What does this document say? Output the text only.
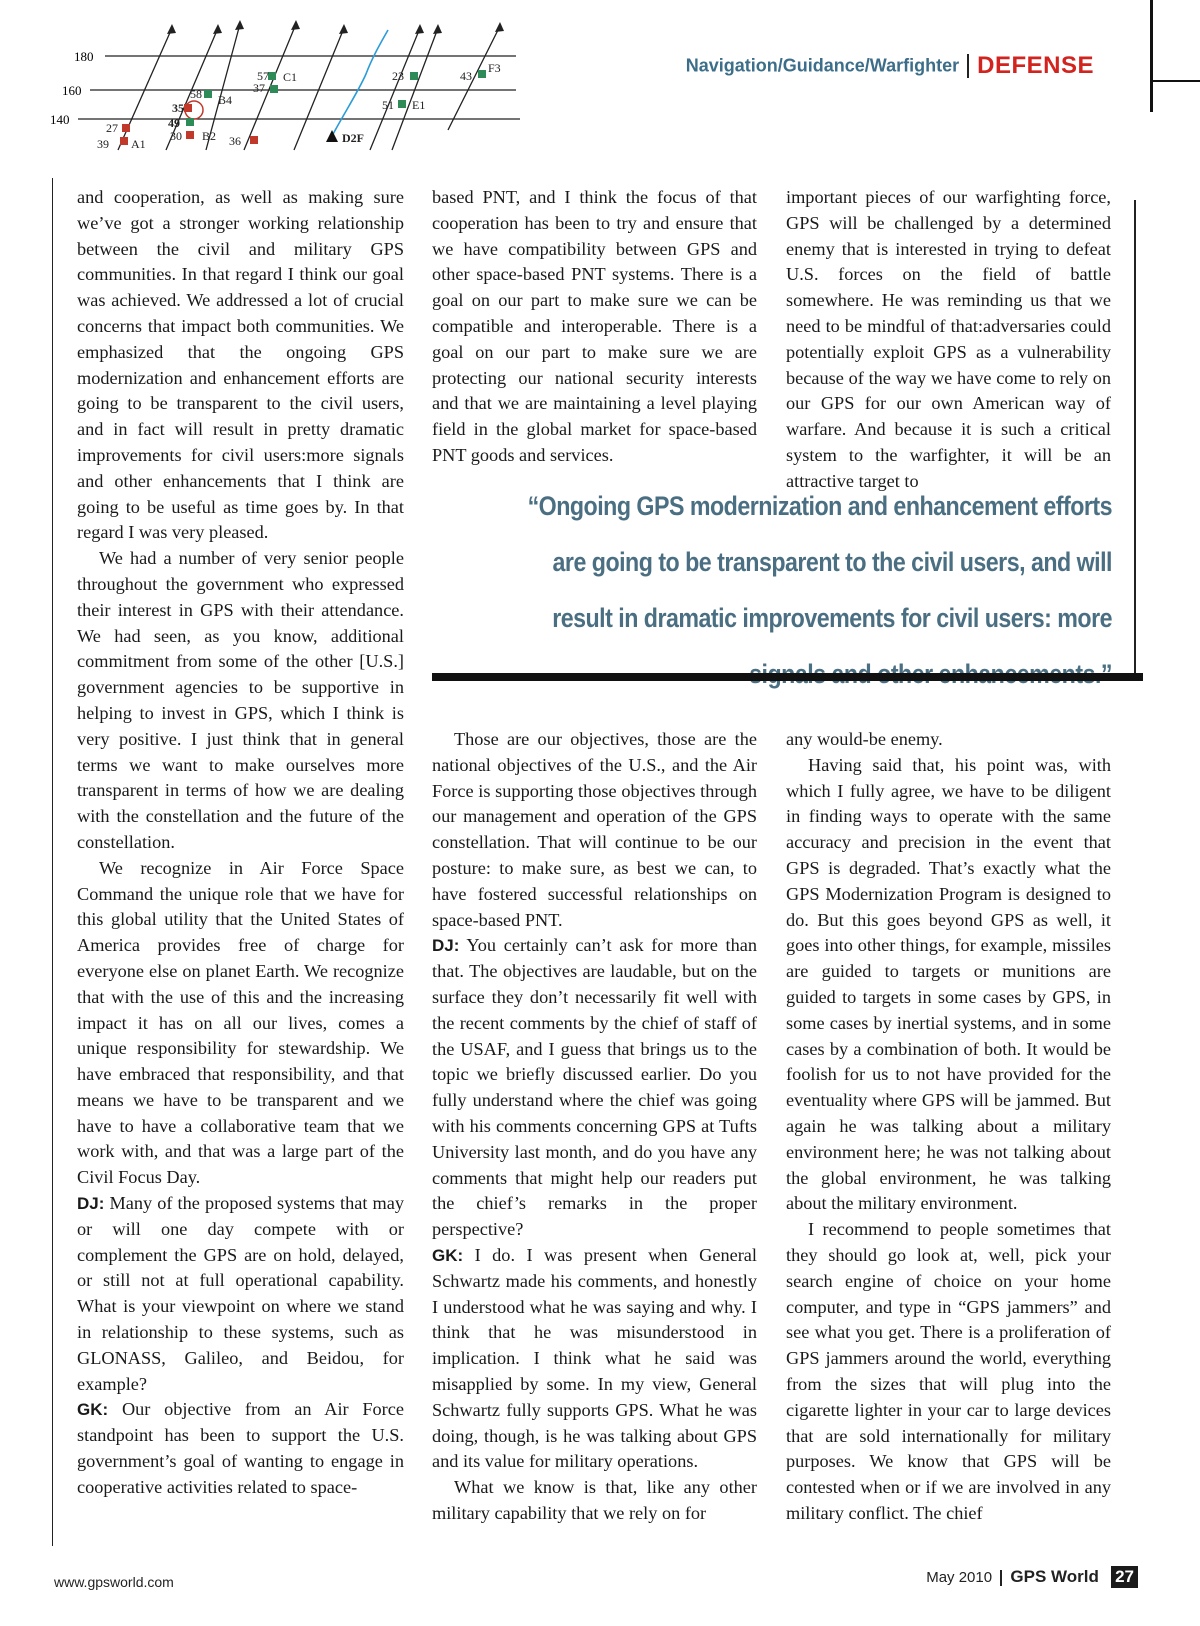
180
160
140
57 C1
37
58 B4
35
49
30 B2 36
27
39 A1
23	43
F3
51 E1
D2F
Navigation/Guidance/Warfighter DEFENSE

and cooperation, as well as making sure we’ve got a stronger working relationship between the civil and military GPS communities. In that regard I think our goal was achieved. We addressed a lot of crucial concerns that impact both communities. We emphasized that the ongoing GPS modernization and enhancement efforts are going to be transparent to the civil users, and in fact will result in pretty dramatic improvements for civil users:more signals and other enhancements that I think are going to be useful as time goes by. In that regard I was very pleased.

We had a number of very senior people throughout the government who expressed their interest in GPS with their attendance. We had seen, as you know, additional commitment from some of the other [U.S.] government agencies to be supportive in helping to invest in GPS, which I think is very positive. I just think that in general terms we want to make ourselves more transparent in terms of how we are dealing with the constellation and the future of the constellation.

We recognize in Air Force Space Command the unique role that we have for this global utility that the United States of America provides free of charge for everyone else on planet Earth. We recognize that with the use of this and the increasing impact it has on all our lives, comes a unique responsibility for stewardship. We have embraced that responsibility, and that means we have to be transparent and we have to have a collaborative team that we work with, and that was a large part of the Civil Focus Day.

DJ: Many of the proposed systems that may or will one day compete with or complement the GPS are on hold, delayed, or still not at full operational capability. What is your viewpoint on where we stand in relationship to these systems, such as GLONASS, Galileo, and Beidou, for example?

GK: Our objective from an Air Force standpoint has been to support the U.S. government’s goal of wanting to engage in cooperative activities related to space-

based PNT, and I think the focus of that cooperation has been to try and ensure that we have compatibility between GPS and other space-based PNT systems. There is a goal on our part to make sure we can be compatible and interoperable. There is a goal on our part to make sure we are protecting our national security interests and that we are maintaining a level playing field in the global market for space-based PNT goods and services.

important pieces of our warfighting force, GPS will be challenged by a determined enemy that is interested in trying to defeat U.S. forces on the field of battle somewhere. He was reminding us that we need to be mindful of that:adversaries could potentially exploit GPS as a vulnerability because of the way we have come to rely on our GPS for our own American way of warfare. And because it is such a critical system to the warfighter, it will be an attractive target to

“Ongoing GPS modernization and enhancement efforts are going to be transparent to the civil users, and will result in dramatic improvements for civil users: more

Those are our objectives, those are the national objectives of the U.S., and the Air Force is supporting those objectives through our management and operation of the GPS constellation. That will continue to be our posture: to make sure, as best we can, to have fostered successful relationships on space-based PNT.

DJ: You certainly can’t ask for more than that. The objectives are laudable, but on the surface they don’t necessarily fit well with the recent comments by the chief of staff of the USAF, and I guess that brings us to the topic we briefly discussed earlier. Do you fully understand where the chief was going with his comments concerning GPS at Tufts University last month, and do you have any comments that might help our readers put the chief’s remarks in the proper perspective?

GK: I do. I was present when General Schwartz made his comments, and honestly I understood what he was saying and why. I think that he was misunderstood in implication. I think what he said was misapplied by some. In my view, General Schwartz fully supports GPS. What he was doing, though, is he was talking about GPS and its value for military operations.

What we know is that, like any other military capability that we rely on for

any would-be enemy.

Having said that, his point was, with which I fully agree, we have to be diligent in finding ways to operate with the same accuracy and precision in the event that GPS is degraded. That’s exactly what the GPS Modernization Program is designed to do. But this goes beyond GPS as well, it goes into other things, for example, missiles are guided to targets or munitions are guided to targets in some cases by GPS, in some cases by inertial systems, and in some cases by a combination of both. It would be foolish for us to not have provided for the eventuality where GPS will be jammed. But again he was talking about a military environment here; he was not talking about the global environment, he was talking about the military environment.

I recommend to people sometimes that they should go look at, well, pick your search engine of choice on your home computer, and type in “GPS jammers” and see what you get. There is a proliferation of GPS jammers around the world, everything from the sizes that will plug into the cigarette lighter in your car to large devices that are sold internationally for military purposes. We know that GPS will be contested when or if we are involved in any military conflict. The chief

www.gpsworld.com	May 2010 GPS World 27
